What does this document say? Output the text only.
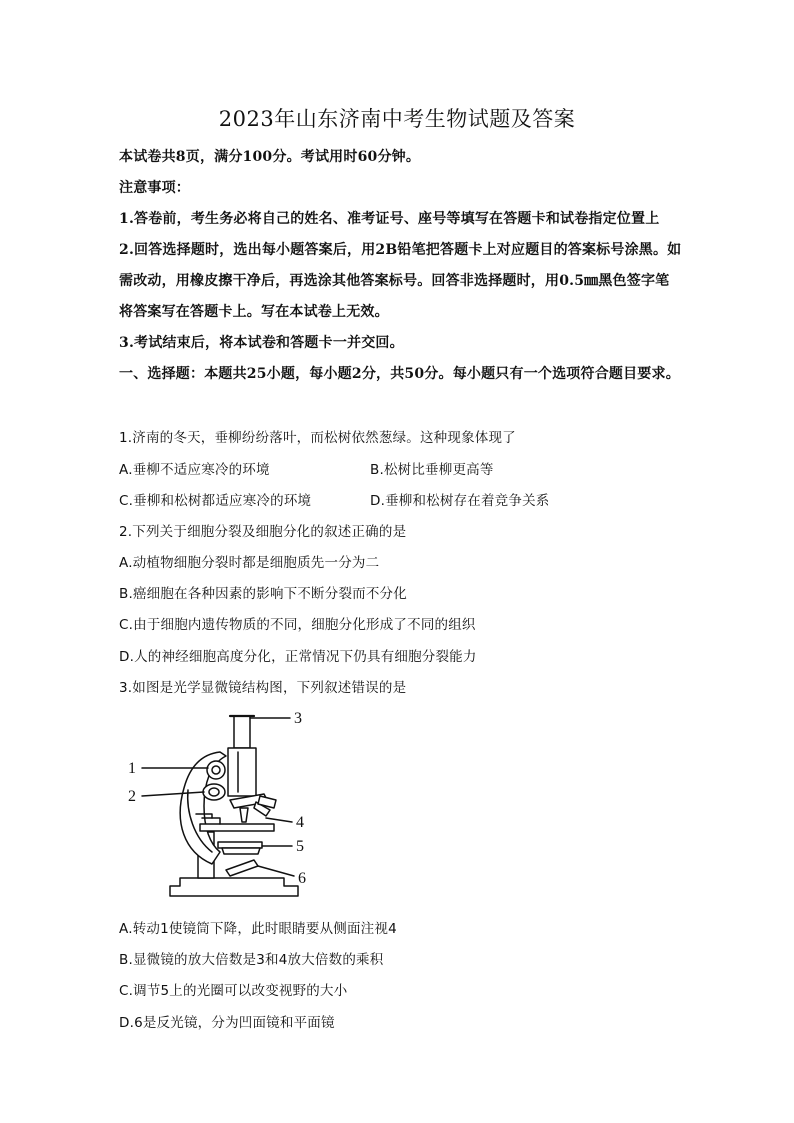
2023年山东济南中考生物试题及答案
本试卷共8页，满分100分。考试用时60分钟。
注意事项：
1.答卷前，考生务必将自己的姓名、准考证号、座号等填写在答题卡和试卷指定位置上
2.回答选择题时，选出每小题答案后，用2B铅笔把答题卡上对应题目的答案标号涂黑。如
需改动，用橡皮擦干净后，再选涂其他答案标号。回答非选择题时，用0.5㎜黑色签字笔
将答案写在答题卡上。写在本试卷上无效。
3.考试结束后，将本试卷和答题卡一并交回。
一、选择题：本题共25小题，每小题2分，共50分。每小题只有一个选项符合题目要求。
1.济南的冬天，垂柳纷纷落叶，而松树依然葱绿。这种现象体现了
A.垂柳不适应寒冷的环境	B.松树比垂柳更高等
C.垂柳和松树都适应寒冷的环境	D.垂柳和松树存在着竞争关系
2.下列关于细胞分裂及细胞分化的叙述正确的是
A.动植物细胞分裂时都是细胞质先一分为二
B.癌细胞在各种因素的影响下不断分裂而不分化
C.由于细胞内遗传物质的不同，细胞分化形成了不同的组织
D.人的神经细胞高度分化，正常情况下仍具有细胞分裂能力
3.如图是光学显微镜结构图，下列叙述错误的是
3
1
2
4
5
6
A.转动1使镜筒下降，此时眼睛要从侧面注视4
B.显微镜的放大倍数是3和4放大倍数的乘积
C.调节5上的光圈可以改变视野的大小
D.6是反光镜，分为凹面镜和平面镜
